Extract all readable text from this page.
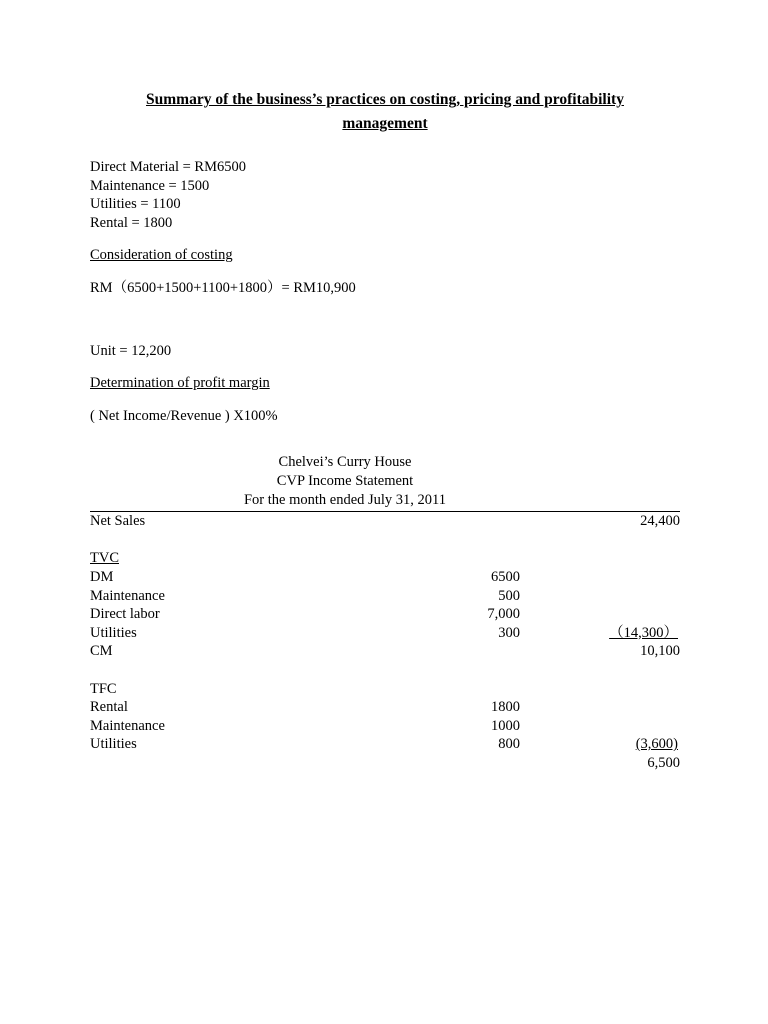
Summary of the business’s practices on costing, pricing and profitability
management
Direct Material = RM6500
Maintenance = 1500
Utilities = 1100
Rental = 1800
Consideration of costing
RM（6500+1500+1100+1800）= RM10,900
Unit = 12,200
Determination of profit margin
( Net Income/Revenue ) X100%
Chelvei’s Curry House
CVP Income Statement
For the month ended July 31, 2011
Net Sales		24,400

TVC		
DM	6500	
Maintenance	500	
Direct labor	7,000	
Utilities	300	（14,300）
CM		10,100

TFC		
Rental	1800	
Maintenance	1000	
Utilities	800	(3,600)
		6,500
